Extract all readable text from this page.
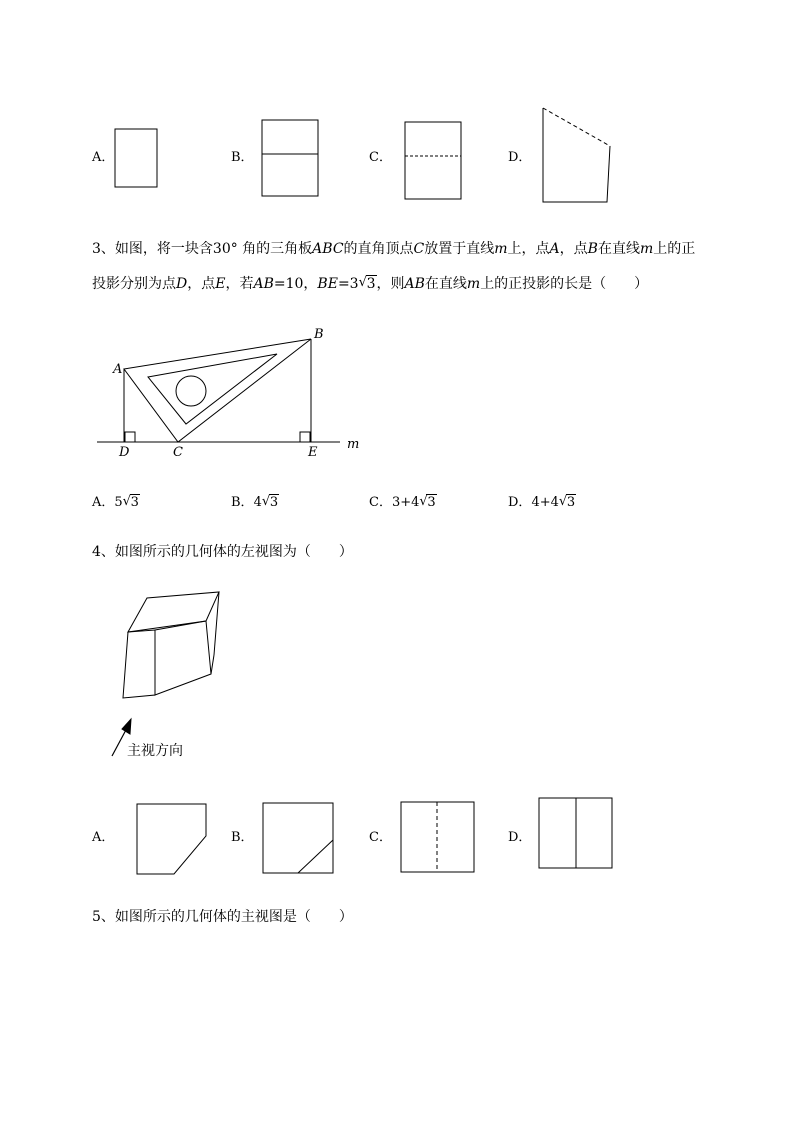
A．	B．	C．	D．
3、如图，将一块含30° 角的三角板ABC的直角顶点C放置于直线m上，点A，点B在直线m上的正
投影分别为点D，点E，若AB=10，BE=3 √ 3，则AB在直线m上的正投影的长是（　　）
A
B
C
D	E
m
A．5 √ 3	B．4 √ 3	C．3+4 √ 3	D．4+4 √ 3
4、如图所示的几何体的左视图为（　　）
主视方向
A．	B．	C．	D．
5、如图所示的几何体的主视图是（　　）
